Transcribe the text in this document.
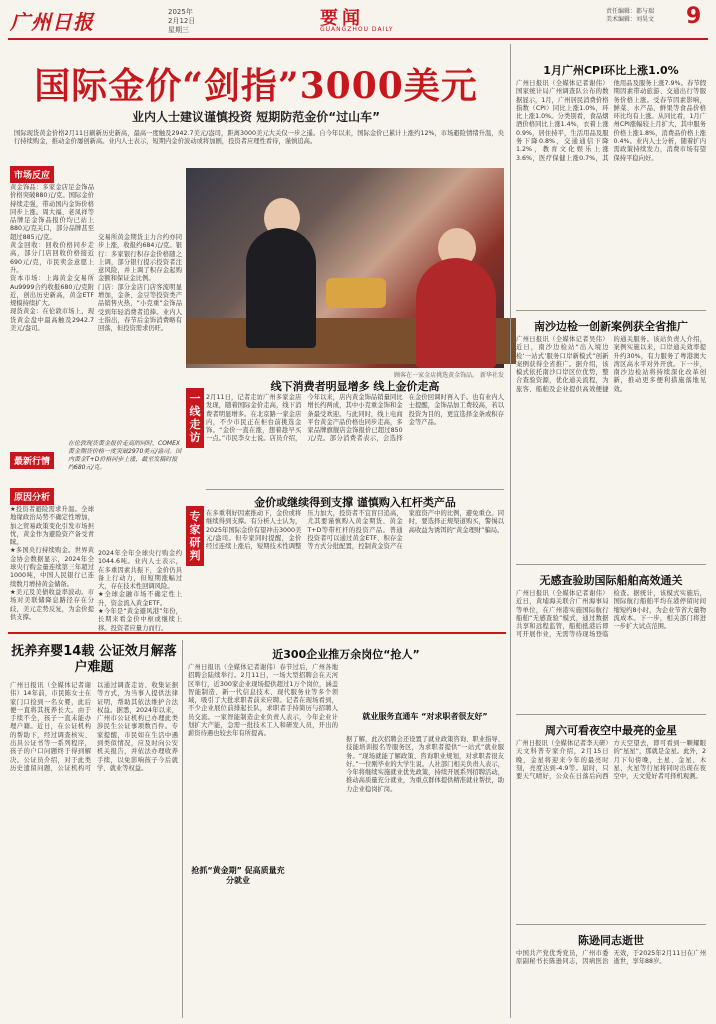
广州日报	2025年
2月12日
星期三
要闻
GUANGZHOU DAILY
责任编辑：都与瑞
美术编辑：刘昊文 9
国际金价“剑指”3000美元
业内人士建议谨慎投资 短期防范金价“过山车”
国际现货黄金价格2月11日刷新历史新高，最高一度触及2942.7美元/盎司，距离3000美元大关仅一步之遥。自今年以来，国际金价已累计上涨约12%，市场避险情绪升温，央行持续购金，推动金价屡创新高。业内人士表示，短期内金价波动或将加剧，投资者应理性看待，谨慎追高。
市场反应
黄金饰品：多家金店足金饰品价格突破880元/克。国际金价持续走强，带动国内金饰价格同步上涨。周大福、老凤祥等品牌足金饰品报价均已站上880元/克关口，部分品牌甚至超过885元/克。
黄金回收：回收价格同步走高，部分门店回收价格接近690元/克，市民卖金意愿上升。
资本市场：上海黄金交易所Au9999合约收报680元/克附近，创出历史新高，黄金ETF规模持续扩大。
现货黄金：在伦敦市场上，现货黄金盘中最高触及2942.7美元/盎司。
交易所黄金期货主力合约亦同步上涨，收报约684元/克。银行：多家银行积存金价格随之上调，部分银行提示投资者注意风险，并上调了积存金起购金额和保证金比例。
门店：部分金店门店客流明显增加，金条、金豆等投资类产品销售火热，“小克重”金饰品受到年轻消费者追捧。业内人士指出，春节后金饰消费略有回落，但投资需求仍旺。
顾客在一家金店挑选黄金饰品。 新华社发
在伦敦现货黄金报价走高的同时，COMEX黄金期货价格一度突破2970美元/盎司。国内黄金T+D价格同步上涨，截至发稿时报约680元/克。
最新行情
原因分析
★投资者避险需求升温。全球地缘政治局势不确定性增加，加之贸易政策变化引发市场担忧，黄金作为避险资产备受青睐。
★多国央行持续购金。世界黄金协会数据显示，2024年全球央行购金量连续第三年超过1000吨，中国人民银行已连续数月增持黄金储备。
★美元及美债收益率波动。市场对美联储降息路径存在分歧，美元走势反复，为金价提供支撑。
2024年全年全球央行购金约1044.6吨。业内人士表示，在多重因素共振下，金价仍具备上行动力，但短期涨幅过大，存在技术性回调风险。
★全球金融市场不确定性上升，资金流入黄金ETF。
★今年是“黄金避风港”年份，长期来看金价中枢或继续上移。投资者应量力而行。
一线走访
专家研判
线下消费者明显增多 线上金价走高
2月11日，记者走访广州多家金店发现，随着国际金价走高，线下消费者明显增多。在北京路一家金店内，不少市民正在柜台前挑选金饰。“金价一直在涨，想着趁早买一点。”市民李女士说。店员介绍，今年以来，店内黄金饰品销量同比增长约两成，其中小克重金饰和金条最受欢迎。与此同时，线上电商平台黄金产品价格也同步走高，多家品牌旗舰店金饰报价已超过850元/克。部分消费者表示，会选择在金价回调时再入手。也有业内人士提醒，金饰品加工费较高，若以投资为目的，更宜选择金条或积存金等产品。
金价或继续得到支撑 谨慎购入杠杆类产品
在多重利好因素推动下，金价或将继续得到支撑。有分析人士认为，2025年国际金价有望冲击3000美元/盎司。但专家同时提醒，金价经过连续上涨后，短期技术性调整压力加大，投资者不宜盲目追高，尤其要谨慎购入黄金期货、黄金T+D等带杠杆的投资产品。普通投资者可以通过黄金ETF、积存金等方式分批配置，控制黄金资产在家庭资产中的比例，避免重仓。同时，要选择正规渠道购买，警惕以高收益为诱饵的“黄金理财”骗局。
抚养弃婴14载 公证效月解落户难题
广州日报讯（全媒体记者谢伟）14年前，市民陈女士在家门口捡到一名女婴，此后便一直将其抚养长大。由于手续不全，孩子一直未能办理户籍。近日，在公证机构的帮助下，经过调查核实、出具公证书等一系列程序，孩子的户口问题终于得到解决。公证员介绍，对于此类历史遗留问题，公证机构可以通过调查走访、收集证据等方式，为当事人提供法律证明，帮助其依法维护合法权益。据悉，2024年以来，广州市公证机构已办理此类涉民生公证事项数百件。专家提醒，市民如在生活中遇到类似情况，应及时向公安机关报告，并依法办理收养手续，以免影响孩子今后就学、就业等权益。
近300企业推万余岗位“抢人”
广州日报讯（全媒体记者谢伟）春节过后，广州各地招聘会陆续举行。2月11日，一场大型招聘会在天河区举行，近300家企业现场提供超过1万个岗位，涵盖智能制造、新一代信息技术、现代服务业等多个领域，吸引了大批求职者前来应聘。记者在现场看到，不少企业展位前排起长队，求职者手持简历与招聘人员交流。一家智能制造企业负责人表示，今年企业计划扩大产能，急需一批技术工人和研发人员，开出的薪资待遇也较去年有所提高。
抢抓“黄金期” 促高质量充分就业
就业服务直通车 “对求职者很友好”
据了解，此次招聘会还设置了就业政策咨询、职业指导、技能培训报名等服务区，为求职者提供“一站式”就业服务。“现场就能了解政策、咨询职业规划，对求职者很友好。”一位刚毕业的大学生说。人社部门相关负责人表示，今年将继续实施就业优先政策，持续开展系列招聘活动，推动高质量充分就业，为重点群体提供精准就业帮扶，助力企业稳岗扩岗。
1月广州CPI环比上涨1.0%
广州日报讯（全媒体记者谢伟）国家统计局广州调查队公布的数据显示，1月，广州居民消费价格指数（CPI）同比上涨1.0%，环比上涨1.0%。分类别看，食品烟酒价格同比上涨1.4%，衣着上涨0.9%，居住持平，生活用品及服务下降0.8%，交通通信下降1.2%，教育文化娱乐上涨3.6%，医疗保健上涨0.7%，其他用品及服务上涨7.9%。春节假期因素带动旅游、交通出行等服务价格上涨。受春节因素影响，鲜菜、水产品、鲜果等食品价格环比均有上涨。从同比看，1月广州CPI涨幅较上月扩大，其中服务价格上涨1.8%，消费品价格上涨0.4%。业内人士分析，随着扩内需政策持续发力，消费市场有望保持平稳向好。
南沙边检一创新案例获全省推广
广州日报讯（全媒体记者吴伟）近日，南沙边检站“出入境边检‘一站式’服务口岸新模式”创新案例获得全省推广。据介绍，该模式依托南沙口岸区位优势，整合查验资源，优化通关流程，为旅客、船舶及企业提供高效便捷的通关服务。该站负责人介绍，案例实施以来，口岸通关效率提升约30%，有力服务了粤港澳大湾区高水平对外开放。下一步，南沙边检站将持续深化改革创新，推动更多便利措施落地见效。
无感查验助国际船舶高效通关
广州日报讯（全媒体记者谢伟）近日，黄埔海关联合广州海事局等单位，在广州港实施国际航行船舶“无感查验”模式，通过数据共享和远程监管，船舶抵港后即可开展作业，无需等待现场登临检查。据统计，该模式实施后，国际航行船舶平均在港停留时间缩短约8小时，为企业节省大量物流成本。下一步，相关部门将进一步扩大试点范围。
周六可看夜空中最亮的金星
广州日报讯（全媒体记者李天研）天文科普专家介绍，2月15日晚，金星将迎来今年的最亮时刻，亮度达到-4.9等。届时，只要天气晴好，公众在日落后向西方天空望去，即可看到一颗耀眼的“星星”，那就是金星。此外，2月下旬傍晚，土星、金星、木星、火星等行星将同时出现在夜空中，天文爱好者可择机观测。
陈逊同志逝世
中国共产党优秀党员，广州市委原副秘书长陈逊同志，因病医治无效，于2025年2月11日在广州逝世，享年88岁。
